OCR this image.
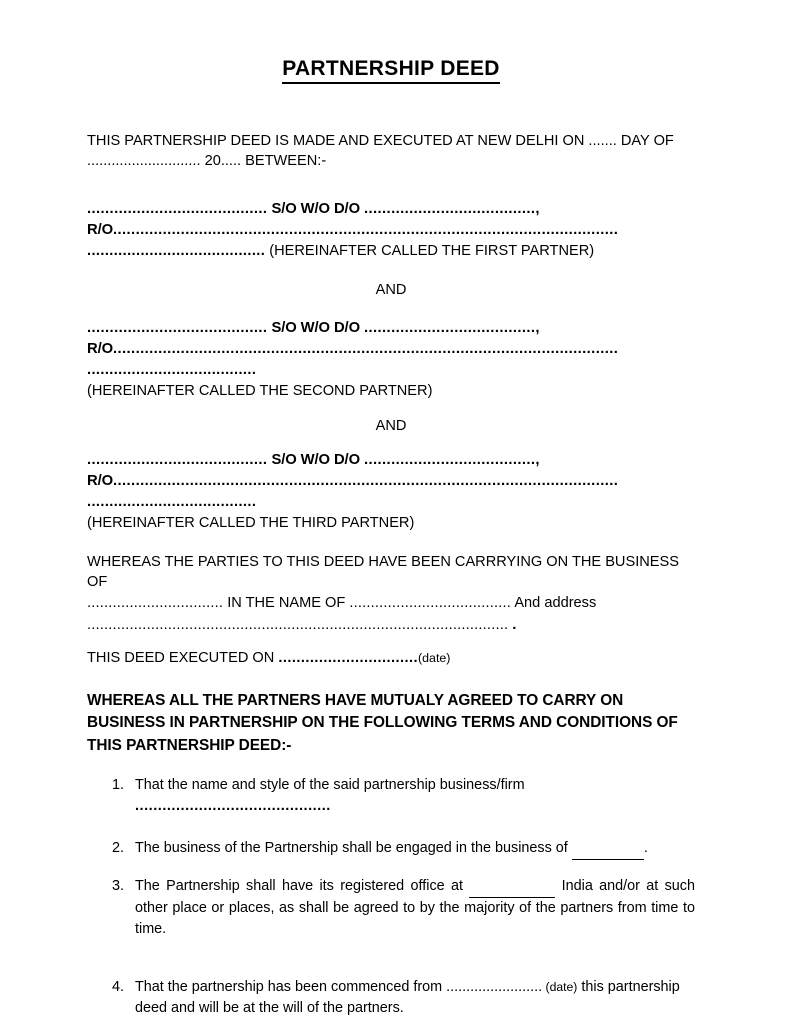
PARTNERSHIP DEED
THIS PARTNERSHIP DEED IS MADE AND EXECUTED AT NEW DELHI ON ....... DAY OF
............................ 20..... BETWEEN:-
........................................ S/O W/O D/O ......................................,
R/O................................................................................................................
........................................ (HEREINAFTER CALLED THE FIRST PARTNER)
AND
........................................ S/O W/O D/O ......................................,
R/O................................................................................................................
......................................
(HEREINAFTER CALLED THE SECOND PARTNER)
AND
........................................ S/O W/O D/O ......................................,
R/O................................................................................................................
......................................
(HEREINAFTER CALLED THE THIRD PARTNER)
WHEREAS THE PARTIES TO THIS DEED HAVE BEEN CARRRYING ON THE BUSINESS OF
................................ IN THE NAME OF ...................................... And address
................................................................................................... .
THIS DEED EXECUTED ON ...............................(date)
WHEREAS ALL THE PARTNERS HAVE MUTUALY AGREED TO CARRY ON BUSINESS IN PARTNERSHIP ON THE FOLLOWING TERMS AND CONDITIONS OF THIS PARTNERSHIP DEED:-
1. That the name and style of the said partnership business/firm
...........................................
2. The business of the Partnership shall be engaged in the business of	.
3. The Partnership shall have its registered office at	India and/or at such other place or places, as shall be agreed to by the majority of the partners from time to time.
4. That the partnership has been commenced from ........................ (date) this partnership deed and will be at the will of the partners.
